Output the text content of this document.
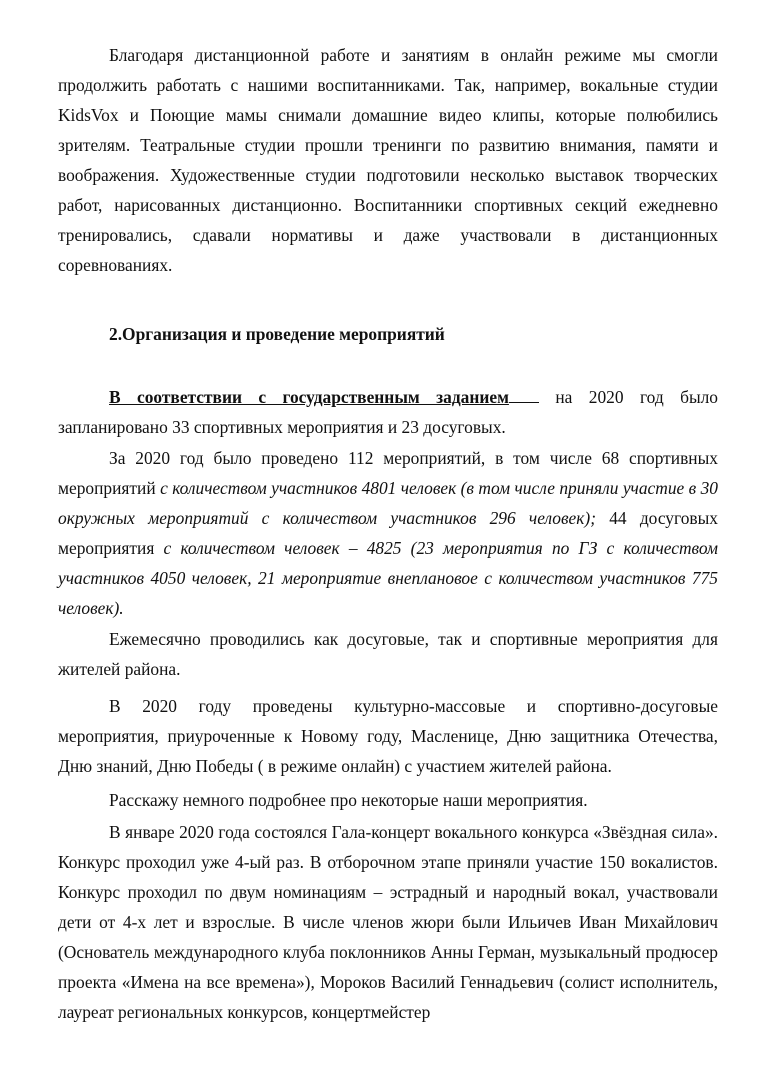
Благодаря дистанционной работе и занятиям в онлайн режиме мы смогли продолжить работать с нашими воспитанниками. Так, например, вокальные студии KidsVox и Поющие мамы снимали домашние видео клипы, которые полюбились зрителям. Театральные студии прошли тренинги по развитию внимания, памяти и воображения. Художественные студии подготовили несколько выставок творческих работ, нарисованных дистанционно. Воспитанники спортивных секций ежедневно тренировались, сдавали нормативы и даже участвовали в дистанционных соревнованиях.

2.Организация и проведение мероприятий

В соответствии с государственным заданием	на 2020 год было запланировано 33 спортивных мероприятия и 23 досуговых.

За 2020 год было проведено 112 мероприятий, в том числе 68 спортивных мероприятий с количеством участников 4801 человек (в том числе приняли участие в 30 окружных мероприятий с количеством участников 296 человек); 44 досуговых мероприятия с количеством человек – 4825 (23 мероприятия по ГЗ с количеством участников 4050 человек, 21 мероприятие внеплановое с количеством участников 775 человек).

Ежемесячно проводились как досуговые, так и спортивные мероприятия для жителей района.

В 2020 году проведены культурно-массовые и спортивно-досуговые мероприятия, приуроченные к Новому году, Масленице, Дню защитника Отечества, Дню знаний, Дню Победы ( в режиме онлайн) с участием жителей района.

Расскажу немного подробнее про некоторые наши мероприятия.

В январе 2020 года состоялся Гала-концерт вокального конкурса «Звёздная сила». Конкурс проходил уже 4-ый раз. В отборочном этапе приняли участие 150 вокалистов. Конкурс проходил по двум номинациям – эстрадный и народный вокал, участвовали дети от 4-х лет и взрослые. В числе членов жюри были Ильичев Иван Михайлович (Основатель международного клуба поклонников Анны Герман, музыкальный продюсер проекта «Имена на все времена»), Мороков Василий Геннадьевич (солист исполнитель, лауреат региональных конкурсов, концертмейстер
